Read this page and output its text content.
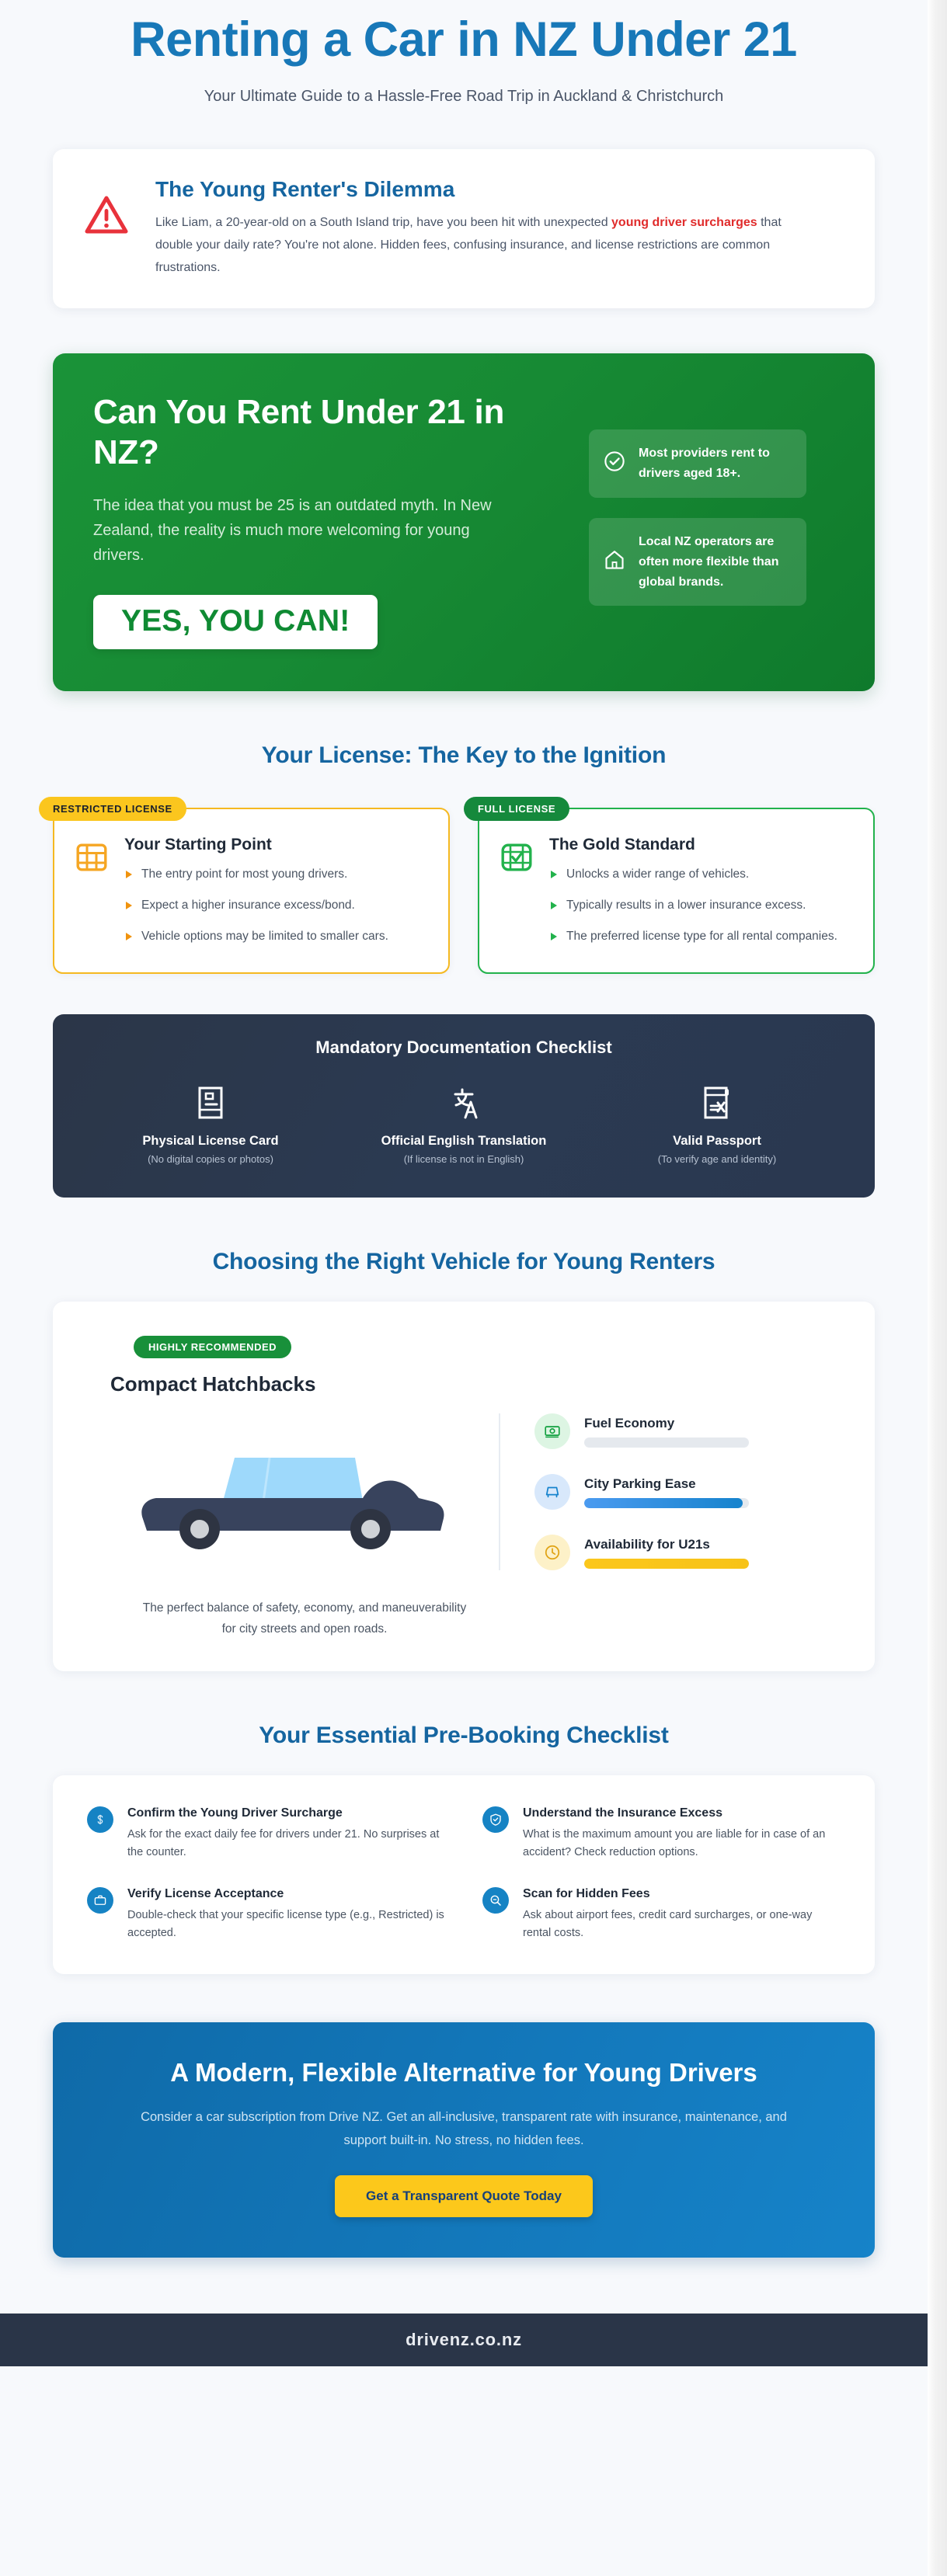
Renting a Car in NZ Under 21
Your Ultimate Guide to a Hassle-Free Road Trip in Auckland & Christchurch
The Young Renter's Dilemma

Like Liam, a 20-year-old on a South Island trip, have you been hit with unexpected young driver surcharges that double your daily rate? You're not alone. Hidden fees, confusing insurance, and license restrictions are common frustrations.

Can You Rent Under 21 in NZ?
The idea that you must be 25 is an outdated myth. In New Zealand, the reality is much more welcoming for young drivers.
YES, YOU CAN!
Most providers rent to drivers aged 18+.
Local NZ operators are often more flexible than global brands.
Your License: The Key to the Ignition
RESTRICTED LICENSE
Your Starting Point
The entry point for most young drivers.
Expect a higher insurance excess/bond.
Vehicle options may be limited to smaller cars.
FULL LICENSE
The Gold Standard
Unlocks a wider range of vehicles.
Typically results in a lower insurance excess.
The preferred license type for all rental companies.
Mandatory Documentation Checklist
Physical License Card
(No digital copies or photos)
Official English Translation
(If license is not in English)
Valid Passport
(To verify age and identity)
Choosing the Right Vehicle for Young Renters
HIGHLY RECOMMENDED
Compact Hatchbacks
Fuel Economy
City Parking Ease
Availability for U21s
The perfect balance of safety, economy, and maneuverability for city streets and open roads.
Your Essential Pre-Booking Checklist
Confirm the Young Driver Surcharge
Ask for the exact daily fee for drivers under 21. No surprises at the counter.
Understand the Insurance Excess
What is the maximum amount you are liable for in case of an accident? Check reduction options.
Verify License Acceptance
Double-check that your specific license type (e.g., Restricted) is accepted.
Scan for Hidden Fees
Ask about airport fees, credit card surcharges, or one-way rental costs.
A Modern, Flexible Alternative for Young Drivers

Consider a car subscription from Drive NZ. Get an all-inclusive, transparent rate with insurance, maintenance, and support built-in. No stress, no hidden fees.

Get a Transparent Quote Today
drivenz.co.nz
